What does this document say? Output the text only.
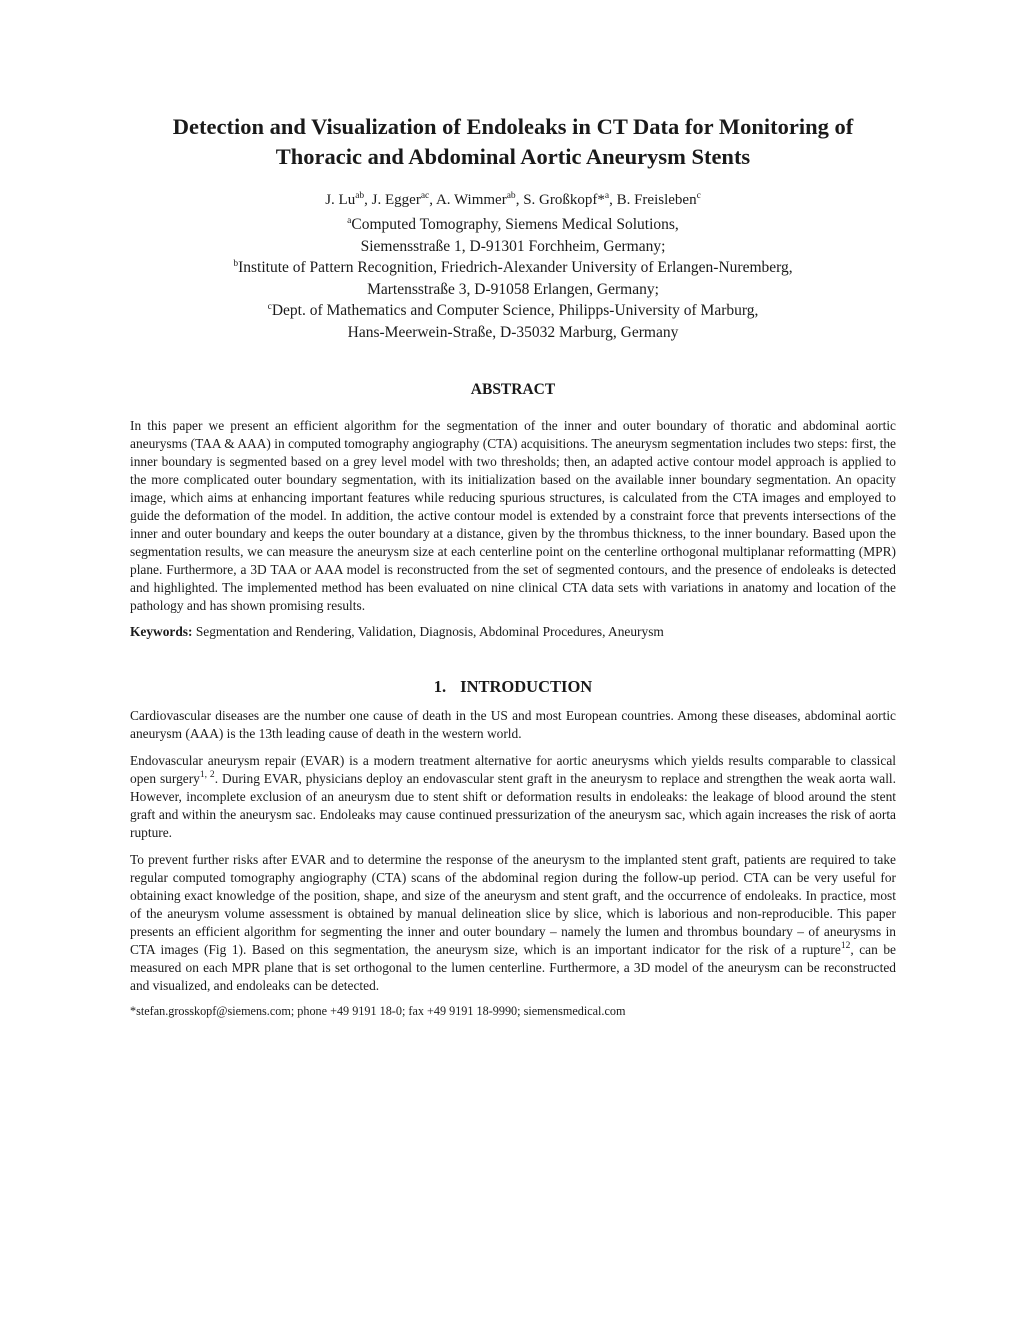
Detection and Visualization of Endoleaks in CT Data for Monitoring of
Thoracic and Abdominal Aortic Aneurysm Stents
J. $Lu^{ab}$, J. Egger$^{ac}$, A. Wimmer$^{ab}$, S. Großkopf*$^a$, B. Freisleben$^c$
$^a$Computed Tomography, Siemens Medical Solutions,
Siemensstraße 1, D-91301 Forchheim, Germany;
$^b$Institute of Pattern Recognition, Friedrich-Alexander University of Erlangen-Nuremberg,
Martensstraße 3, D-91058 Erlangen, Germany;
$^c$Dept. of Mathematics and Computer Science, Philipps-University of Marburg,
Hans-Meerwein-Straße, D-35032 Marburg, Germany
ABSTRACT

In this paper we present an efficient algorithm for the segmentation of the inner and outer boundary of thoratic and abdominal aortic aneurysms (TAA & AAA) in computed tomography angiography (CTA) acquisitions. The aneurysm segmentation includes two steps: first, the inner boundary is segmented based on a grey level model with two thresholds; then, an adapted active contour model approach is applied to the more complicated outer boundary segmentation, with its initialization based on the available inner boundary segmentation. An opacity image, which aims at enhancing important features while reducing spurious structures, is calculated from the CTA images and employed to guide the deformation of the model. In addition, the active contour model is extended by a constraint force that prevents intersections of the inner and outer boundary and keeps the outer boundary at a distance, given by the thrombus thickness, to the inner boundary. Based upon the segmentation results, we can measure the aneurysm size at each centerline point on the centerline orthogonal multiplanar reformatting (MPR) plane. Furthermore, a 3D TAA or AAA model is reconstructed from the set of segmented contours, and the presence of endoleaks is detected and highlighted. The implemented method has been evaluated on nine clinical CTA data sets with variations in anatomy and location of the pathology and has shown promising results.

Keywords: Segmentation and Rendering, Validation, Diagnosis, Abdominal Procedures, Aneurysm

1. INTRODUCTION

Cardiovascular diseases are the number one cause of death in the US and most European countries. Among these diseases, abdominal aortic aneurysm (AAA) is the 13th leading cause of death in the western world.

Endovascular aneurysm repair (EVAR) is a modern treatment alternative for aortic aneurysms which yields results comparable to classical open surgery$^{1, 2}$. During EVAR, physicians deploy an endovascular stent graft in the aneurysm to replace and strengthen the weak aorta wall. However, incomplete exclusion of an aneurysm due to stent shift or deformation results in endoleaks: the leakage of blood around the stent graft and within the aneurysm sac. Endoleaks may cause continued pressurization of the aneurysm sac, which again increases the risk of aorta rupture.

To prevent further risks after EVAR and to determine the response of the aneurysm to the implanted stent graft, patients are required to take regular computed tomography angiography (CTA) scans of the abdominal region during the follow-up period. CTA can be very useful for obtaining exact knowledge of the position, shape, and size of the aneurysm and stent graft, and the occurrence of endoleaks. In practice, most of the aneurysm volume assessment is obtained by manual delineation slice by slice, which is laborious and non-reproducible. This paper presents an efficient algorithm for segmenting the inner and outer boundary – namely the lumen and thrombus boundary – of aneurysms in CTA images (Fig 1). Based on this segmentation, the aneurysm size, which is an important indicator for the risk of a rupture$^{12}$, can be measured on each MPR plane that is set orthogonal to the lumen centerline. Furthermore, a 3D model of the aneurysm can be reconstructed and visualized, and endoleaks can be detected.

*stefan.grosskopf@siemens.com; phone +49 9191 18-0; fax +49 9191 18-9990; siemensmedical.com
